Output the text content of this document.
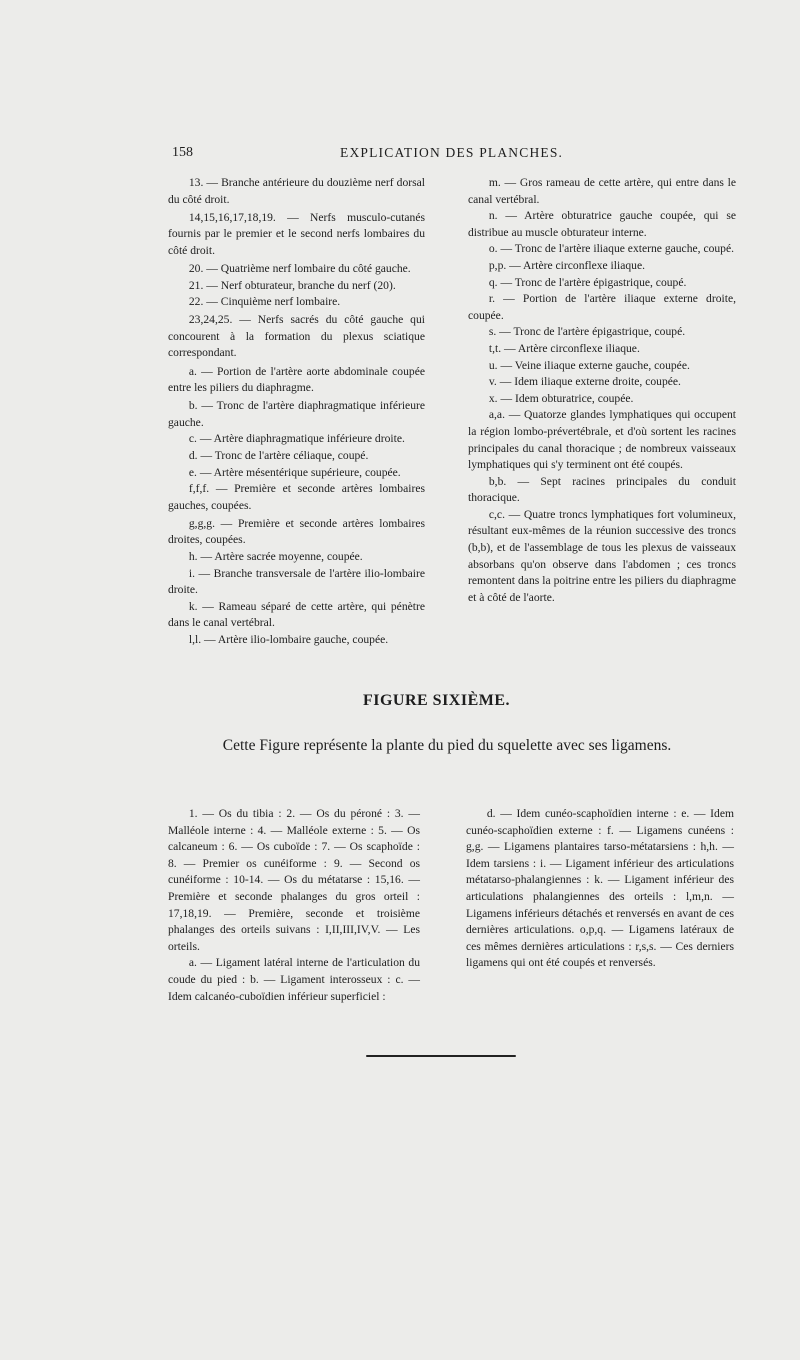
158	EXPLICATION DES PLANCHES.

13. — Branche antérieure du douzième nerf dorsal du côté droit.

14,15,16,17,18,19. — Nerfs musculo-cutanés fournis par le premier et le second nerfs lombaires du côté droit.

20. — Quatrième nerf lombaire du côté gauche.

21. — Nerf obturateur, branche du nerf (20).

22. — Cinquième nerf lombaire.

23,24,25. — Nerfs sacrés du côté gauche qui concourent à la formation du plexus sciatique correspondant.

a. — Portion de l'artère aorte abdominale coupée entre les piliers du diaphragme.

b. — Tronc de l'artère diaphragmatique inférieure gauche.

c. — Artère diaphragmatique inférieure droite.

d. — Tronc de l'artère céliaque, coupé.

e. — Artère mésentérique supérieure, coupée.

f,f,f. — Première et seconde artères lombaires gauches, coupées.

g,g,g. — Première et seconde artères lombaires droites, coupées.

h. — Artère sacrée moyenne, coupée.

i. — Branche transversale de l'artère ilio-lombaire droite.

k. — Rameau séparé de cette artère, qui pénètre dans le canal vertébral.

l,l. — Artère ilio-lombaire gauche, coupée.

m. — Gros rameau de cette artère, qui entre dans le canal vertébral.

n. — Artère obturatrice gauche coupée, qui se distribue au muscle obturateur interne.

o. — Tronc de l'artère iliaque externe gauche, coupé.

p,p. — Artère circonflexe iliaque.

q. — Tronc de l'artère épigastrique, coupé.

r. — Portion de l'artère iliaque externe droite, coupée.

s. — Tronc de l'artère épigastrique, coupé.

t,t. — Artère circonflexe iliaque.

u. — Veine iliaque externe gauche, coupée.

v. — Idem iliaque externe droite, coupée.

x. — Idem obturatrice, coupée.

a,a. — Quatorze glandes lymphatiques qui occupent la région lombo-prévertébrale, et d'où sortent les racines principales du canal thoracique ; de nombreux vaisseaux lymphatiques qui s'y terminent ont été coupés.

b,b. — Sept racines principales du conduit thoracique.

c,c. — Quatre troncs lymphatiques fort volumineux, résultant eux-mêmes de la réunion successive des troncs (b,b), et de l'assemblage de tous les plexus de vaisseaux absorbans qu'on observe dans l'abdomen ; ces troncs remontent dans la poitrine entre les piliers du diaphragme et à côté de l'aorte.

FIGURE SIXIÈME.
Cette Figure représente la plante du pied du squelette avec ses ligamens.

1. — Os du tibia : 2. — Os du péroné : 3. — Malléole interne : 4. — Malléole externe : 5. — Os calcaneum : 6. — Os cuboïde : 7. — Os scaphoïde : 8. — Premier os cunéiforme : 9. — Second os cunéiforme : 10-14. — Os du métatarse : 15,16. — Première et seconde phalanges du gros orteil : 17,18,19. — Première, seconde et troisième phalanges des orteils suivans : I,II,III,IV,V. — Les orteils.

a. — Ligament latéral interne de l'articulation du coude du pied : b. — Ligament interosseux : c. — Idem calcanéo-cuboïdien inférieur superficiel :

d. — Idem cunéo-scaphoïdien interne : e. — Idem cunéo-scaphoïdien externe : f. — Ligamens cunéens : g,g. — Ligamens plantaires tarso-métatarsiens : h,h. — Idem tarsiens : i. — Ligament inférieur des articulations métatarso-phalangiennes : k. — Ligament inférieur des articulations phalangiennes des orteils : l,m,n. — Ligamens inférieurs détachés et renversés en avant de ces dernières articulations. o,p,q. — Ligamens latéraux de ces mêmes dernières articulations : r,s,s. — Ces derniers ligamens qui ont été coupés et renversés.
